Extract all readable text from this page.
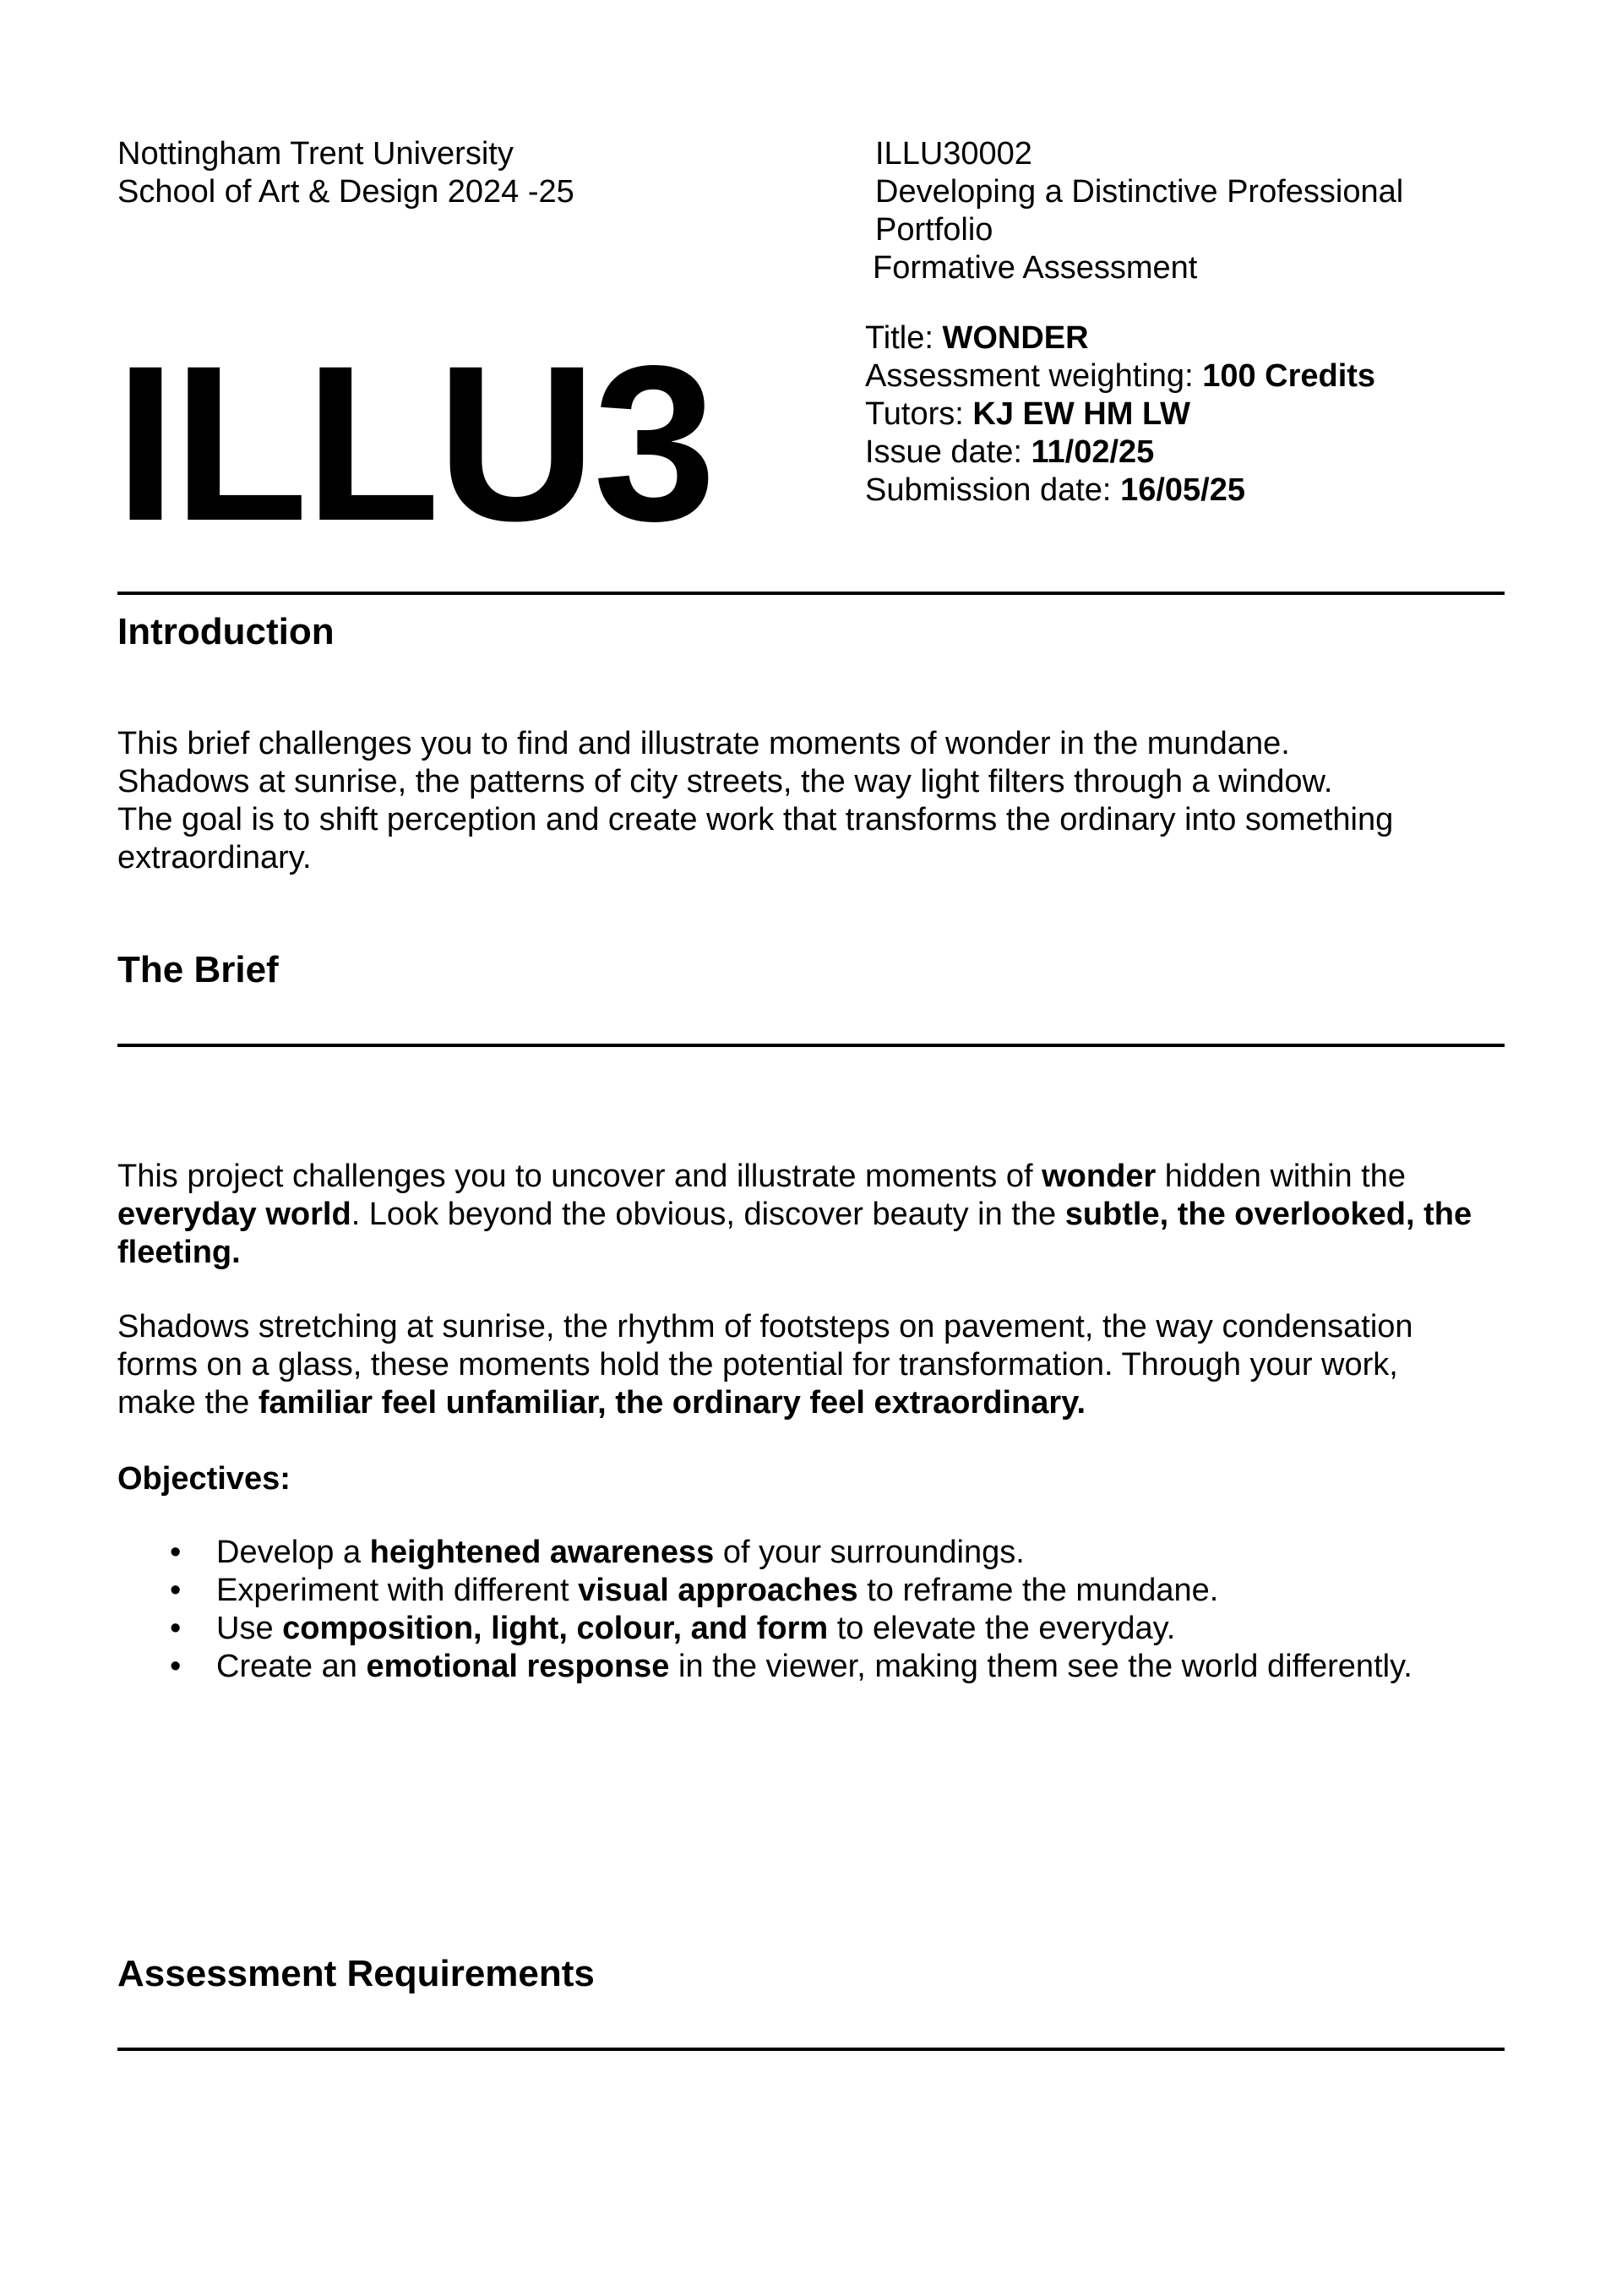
Nottingham Trent University
School of Art & Design 2024 -25
ILLU30002
Developing a Distinctive Professional
Portfolio
Formative Assessment
ILLU3	Title: WONDER
Assessment weighting: 100 Credits
Tutors: KJ EW HM LW
Issue date: 11/02/25
Submission date: 16/05/25
Introduction
This brief challenges you to find and illustrate moments of wonder in the mundane.
Shadows at sunrise, the patterns of city streets, the way light filters through a window.
The goal is to shift perception and create work that transforms the ordinary into something
extraordinary.
The Brief
This project challenges you to uncover and illustrate moments of wonder hidden within the
everyday world. Look beyond the obvious, discover beauty in the subtle, the overlooked, the
fleeting.
Shadows stretching at sunrise, the rhythm of footsteps on pavement, the way condensation
forms on a glass, these moments hold the potential for transformation. Through your work,
make the familiar feel unfamiliar, the ordinary feel extraordinary.
Objectives:
• Develop a heightened awareness of your surroundings.
• Experiment with different visual approaches to reframe the mundane.
• Use composition, light, colour, and form to elevate the everyday.
• Create an emotional response in the viewer, making them see the world differently.
Assessment Requirements
